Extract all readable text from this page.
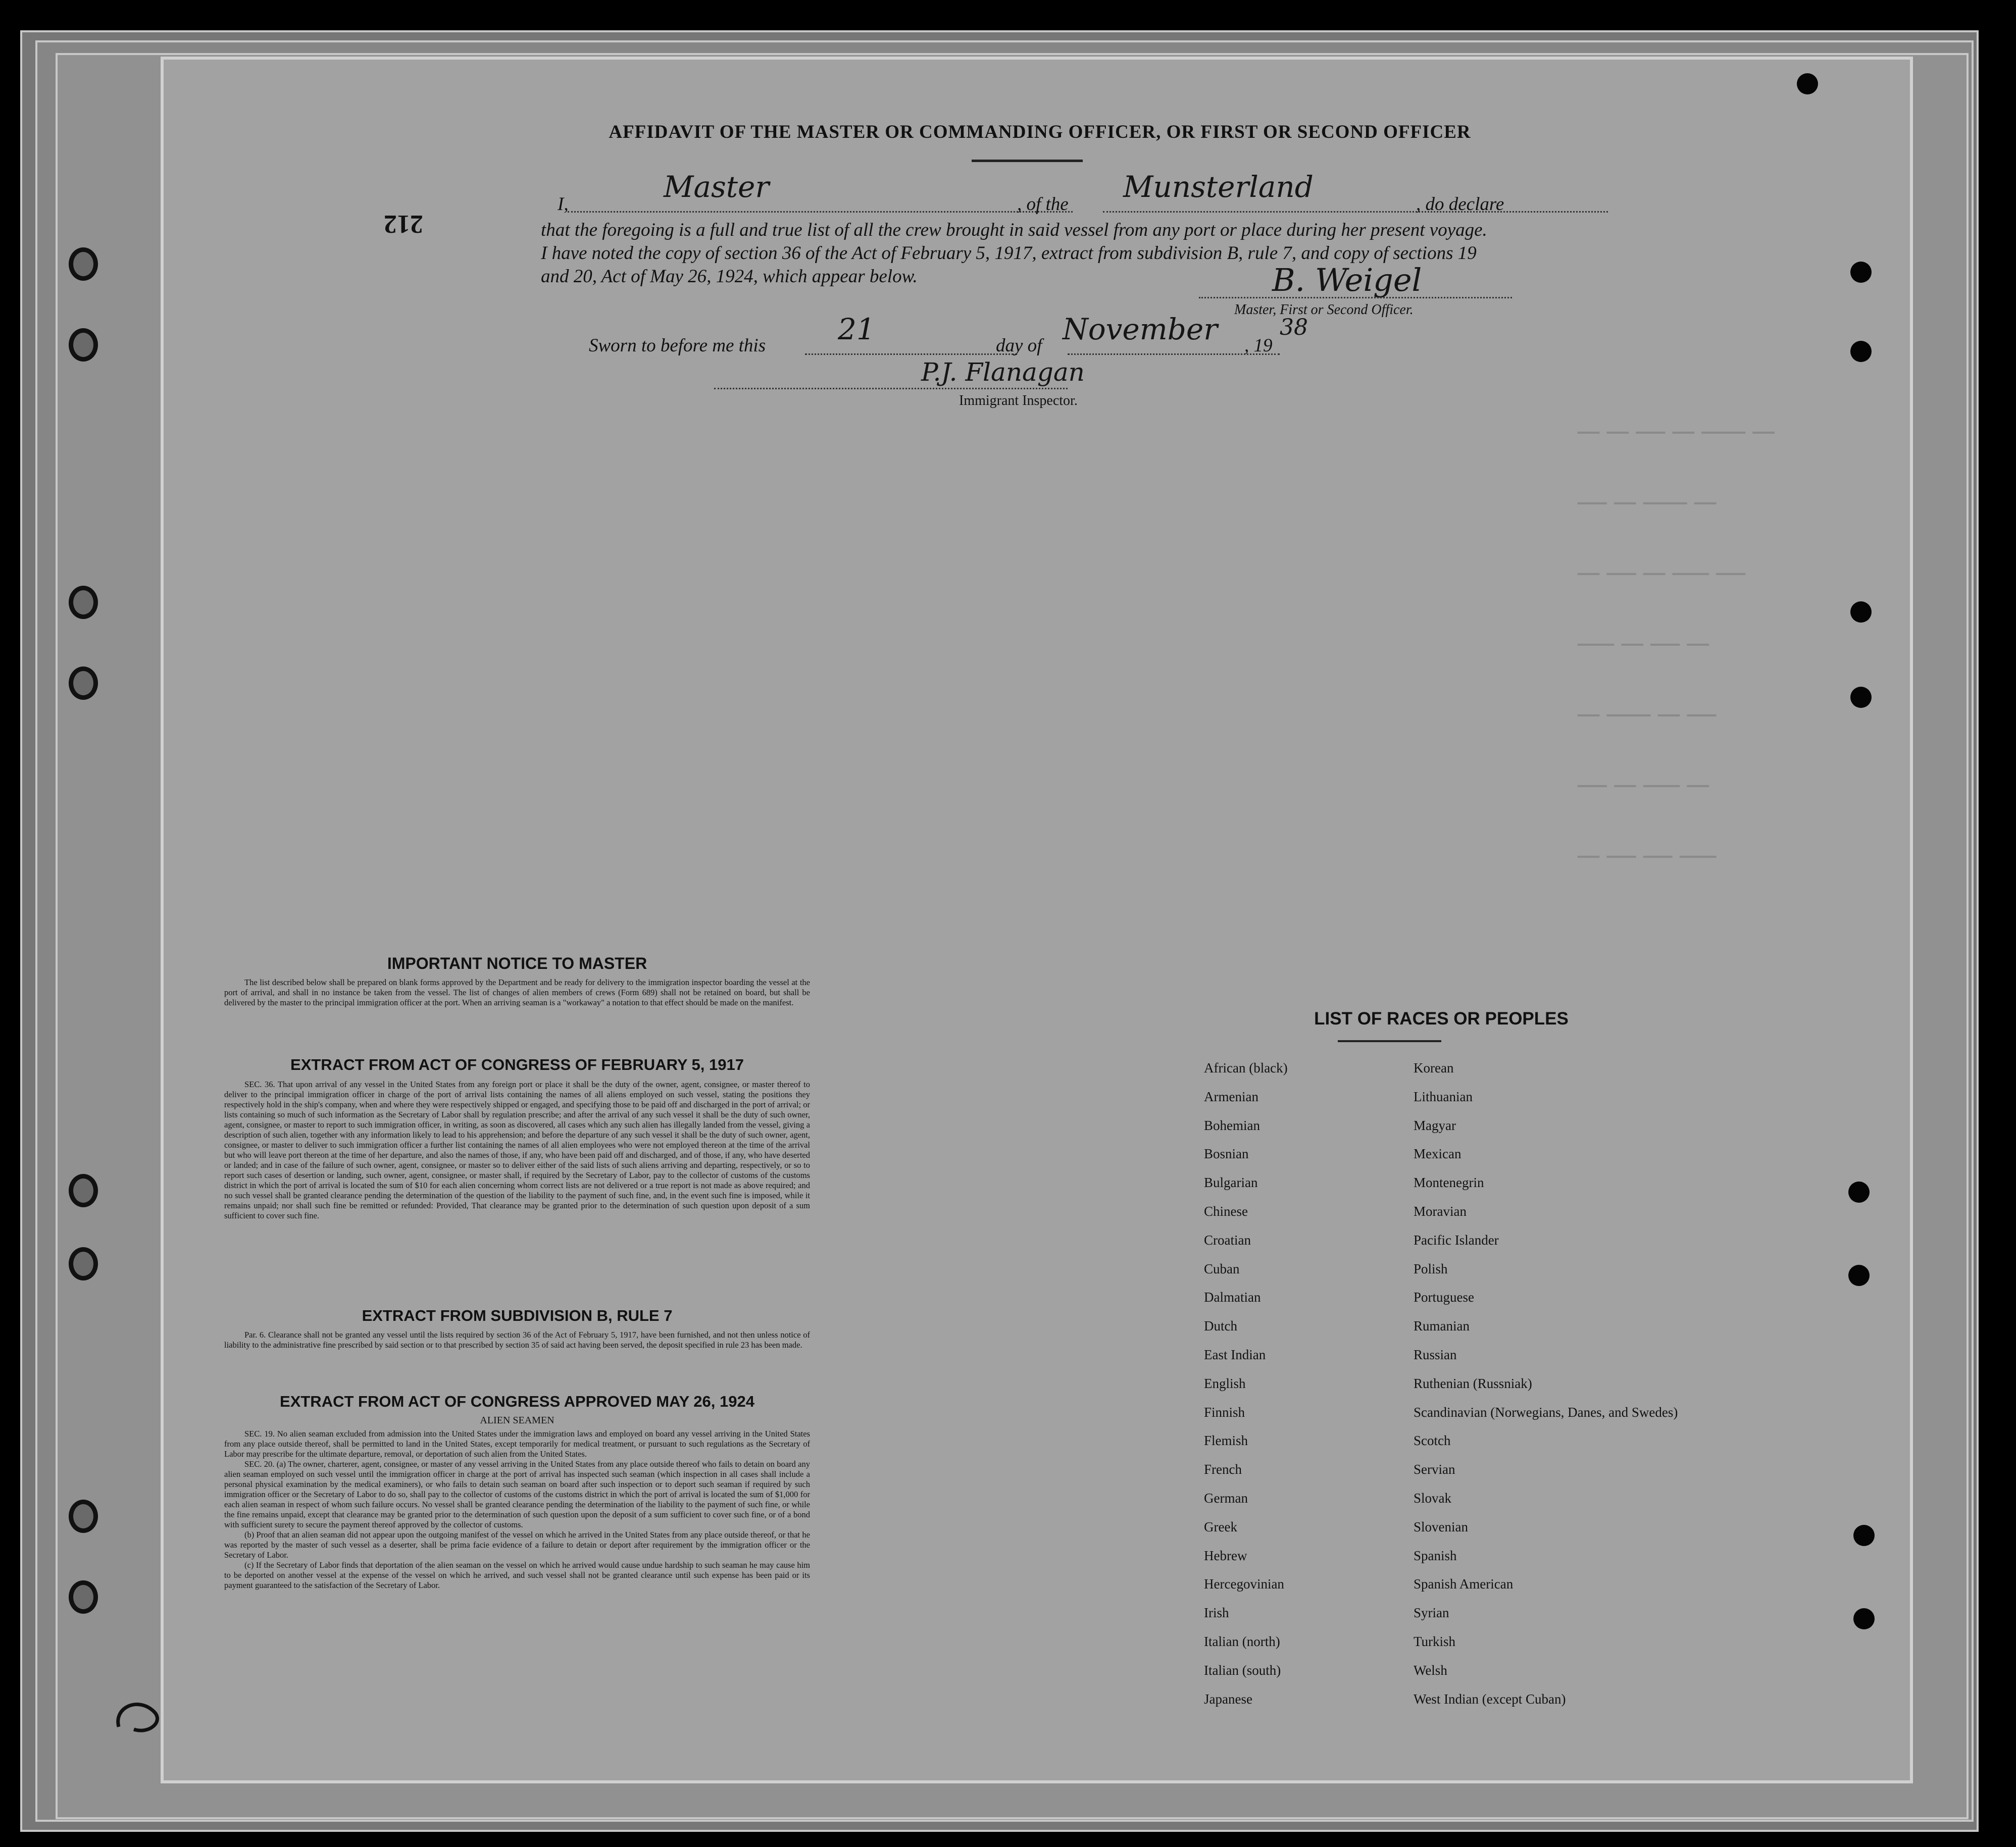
━━━ ━━━ ━━━━ ━━━ ━━━━━━ ━━━
━━━━ ━━━ ━━━━━━ ━━━
━━━ ━━━━ ━━━ ━━━━━ ━━━━
━━━━━ ━━━ ━━━━ ━━━
━━━ ━━━━━━ ━━━ ━━━━
━━━━ ━━━ ━━━━━ ━━━
━━━ ━━━━ ━━━━ ━━━━━
AFFIDAVIT OF THE MASTER OR COMMANDING OFFICER, OR FIRST OR SECOND OFFICER
212
I,
Master
, of the
Munsterland
, do declare
that the foregoing is a full and true list of all the crew brought in said vessel from any port or place during her present voyage.
I have noted the copy of section 36 of the Act of February 5, 1917, extract from subdivision B, rule 7, and copy of sections 19
and 20, Act of May 26, 1924, which appear below.	B. Weigel
Master, First or Second Officer.
Sworn to before me this 21	day of November , 19
38
P.J. Flanagan
Immigrant Inspector.
IMPORTANT NOTICE TO MASTER

The list described below shall be prepared on blank forms approved by the Department and be ready for delivery to the immigration inspector boarding the vessel at the port of arrival, and shall in no instance be taken from the vessel. The list of changes of alien members of crews (Form 689) shall not be retained on board, but shall be delivered by the master to the principal immigration officer at the port. When an arriving seaman is a "workaway" a notation to that effect should be made on the manifest.

EXTRACT FROM ACT OF CONGRESS OF FEBRUARY 5, 1917

SEC. 36. That upon arrival of any vessel in the United States from any foreign port or place it shall be the duty of the owner, agent, consignee, or master thereof to deliver to the principal immigration officer in charge of the port of arrival lists containing the names of all aliens employed on such vessel, stating the positions they respectively hold in the ship's company, when and where they were respectively shipped or engaged, and specifying those to be paid off and discharged in the port of arrival; or lists containing so much of such information as the Secretary of Labor shall by regulation prescribe; and after the arrival of any such vessel it shall be the duty of such owner, agent, consignee, or master to report to such immigration officer, in writing, as soon as discovered, all cases which any such alien has illegally landed from the vessel, giving a description of such alien, together with any information likely to lead to his apprehension; and before the departure of any such vessel it shall be the duty of such owner, agent, consignee, or master to deliver to such immigration officer a further list containing the names of all alien employees who were not employed thereon at the time of the arrival but who will leave port thereon at the time of her departure, and also the names of those, if any, who have been paid off and discharged, and of those, if any, who have deserted or landed; and in case of the failure of such owner, agent, consignee, or master so to deliver either of the said lists of such aliens arriving and departing, respectively, or so to report such cases of desertion or landing, such owner, agent, consignee, or master shall, if required by the Secretary of Labor, pay to the collector of customs of the customs district in which the port of arrival is located the sum of $10 for each alien concerning whom correct lists are not delivered or a true report is not made as above required; and no such vessel shall be granted clearance pending the determination of the question of the liability to the payment of such fine, and, in the event such fine is imposed, while it remains unpaid; nor shall such fine be remitted or refunded: Provided, That clearance may be granted prior to the determination of such question upon deposit of a sum sufficient to cover such fine.

EXTRACT FROM SUBDIVISION B, RULE 7

Par. 6. Clearance shall not be granted any vessel until the lists required by section 36 of the Act of February 5, 1917, have been furnished, and not then unless notice of liability to the administrative fine prescribed by said section or to that prescribed by section 35 of said act having been served, the deposit specified in rule 23 has been made.

EXTRACT FROM ACT OF CONGRESS APPROVED MAY 26, 1924
ALIEN SEAMEN

SEC. 19. No alien seaman excluded from admission into the United States under the immigration laws and employed on board any vessel arriving in the United States from any place outside thereof, shall be permitted to land in the United States, except temporarily for medical treatment, or pursuant to such regulations as the Secretary of Labor may prescribe for the ultimate departure, removal, or deportation of such alien from the United States.

SEC. 20. (a) The owner, charterer, agent, consignee, or master of any vessel arriving in the United States from any place outside thereof who fails to detain on board any alien seaman employed on such vessel until the immigration officer in charge at the port of arrival has inspected such seaman (which inspection in all cases shall include a personal physical examination by the medical examiners), or who fails to detain such seaman on board after such inspection or to deport such seaman if required by such immigration officer or the Secretary of Labor to do so, shall pay to the collector of customs of the customs district in which the port of arrival is located the sum of $1,000 for each alien seaman in respect of whom such failure occurs. No vessel shall be granted clearance pending the determination of the liability to the payment of such fine, or while the fine remains unpaid, except that clearance may be granted prior to the determination of such question upon the deposit of a sum sufficient to cover such fine, or of a bond with sufficient surety to secure the payment thereof approved by the collector of customs.

(b) Proof that an alien seaman did not appear upon the outgoing manifest of the vessel on which he arrived in the United States from any place outside thereof, or that he was reported by the master of such vessel as a deserter, shall be prima facie evidence of a failure to detain or deport after requirement by the immigration officer or the Secretary of Labor.

(c) If the Secretary of Labor finds that deportation of the alien seaman on the vessel on which he arrived would cause undue hardship to such seaman he may cause him to be deported on another vessel at the expense of the vessel on which he arrived, and such vessel shall not be granted clearance until such expense has been paid or its payment guaranteed to the satisfaction of the Secretary of Labor.

LIST OF RACES OR PEOPLES
African (black)
Armenian
Bohemian
Bosnian
Bulgarian
Chinese
Croatian
Cuban
Dalmatian
Dutch
East Indian
English
Finnish
Flemish
French
German
Greek
Hebrew
Hercegovinian
Irish
Italian (north)
Italian (south)
Japanese
Korean
Lithuanian
Magyar
Mexican
Montenegrin
Moravian
Pacific Islander
Polish
Portuguese
Rumanian
Russian
Ruthenian (Russniak)
Scandinavian (Norwegians, Danes, and Swedes)
Scotch
Servian
Slovak
Slovenian
Spanish
Spanish American
Syrian
Turkish
Welsh
West Indian (except Cuban)
